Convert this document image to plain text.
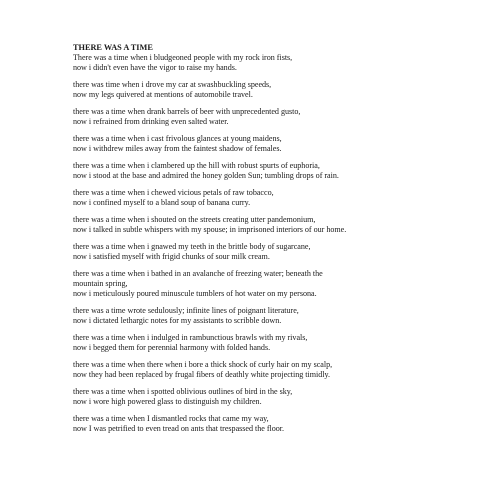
THERE WAS A TIME
There was a time when i bludgeoned people with my rock iron fists,
now i didn't even have the vigor to raise my hands.
there was time when i drove my car at swashbuckling speeds,
now my legs quivered at mentions of automobile travel.
there was a time when drank barrels of beer with unprecedented gusto,
now i refrained from drinking even salted water.
there was a time when i cast frivolous glances at young maidens,
now i withdrew miles away from the faintest shadow of females.
there was a time when i clambered up the hill with robust spurts of euphoria,
now i stood at the base and admired the honey golden Sun; tumbling drops of rain.
there was a time when i chewed vicious petals of raw tobacco,
now i confined myself to a bland soup of banana curry.
there was a time when i shouted on the streets creating utter pandemonium,
now i talked in subtle whispers with my spouse; in imprisoned interiors of our home.
there was a time when i gnawed my teeth in the brittle body of sugarcane,
now i satisfied myself with frigid chunks of sour milk cream.
there was a time when i bathed in an avalanche of freezing water; beneath the
mountain spring,
now i meticulously poured minuscule tumblers of hot water on my persona.
there was a time wrote sedulously; infinite lines of poignant literature,
now i dictated lethargic notes for my assistants to scribble down.
there was a time when i indulged in rambunctious brawls with my rivals,
now i begged them for perennial harmony with folded hands.
there was a time when there when i bore a thick shock of curly hair on my scalp,
now they had been replaced by frugal fibers of deathly white projecting timidly.
there was a time when i spotted oblivious outlines of bird in the sky,
now i wore high powered glass to distinguish my children.
there was a time when I dismantled rocks that came my way,
now I was petrified to even tread on ants that trespassed the floor.
